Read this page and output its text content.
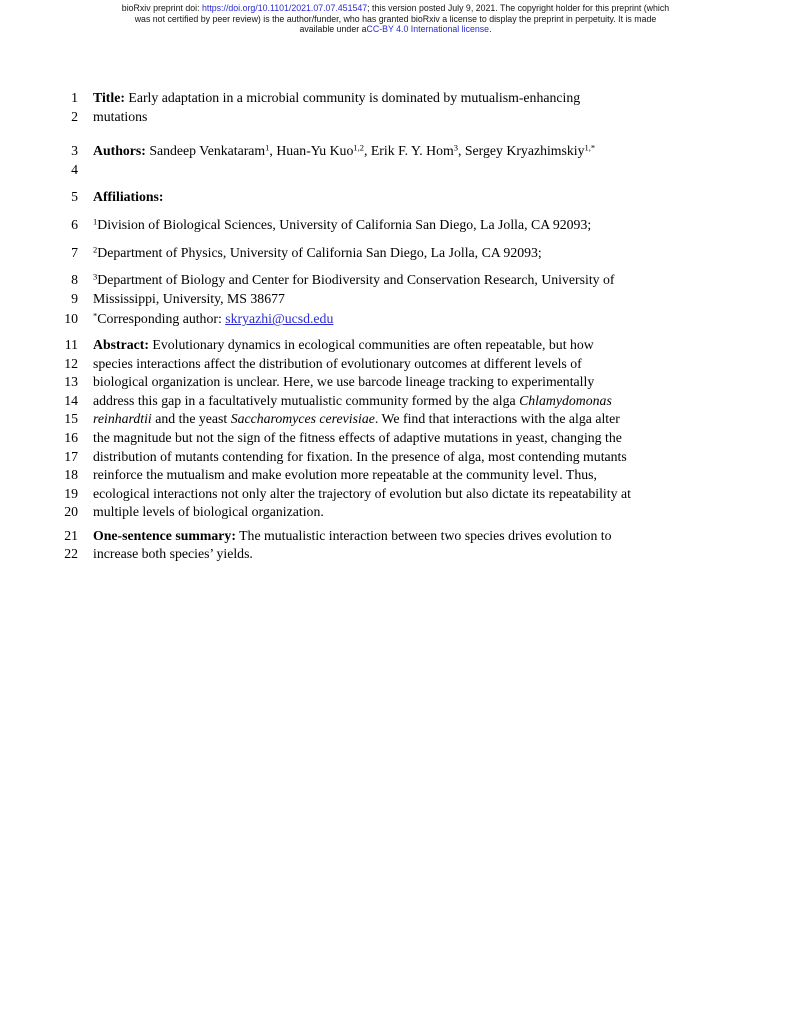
bioRxiv preprint doi: https://doi.org/10.1101/2021.07.07.451547; this version posted July 9, 2021. The copyright holder for this preprint (which
was not certified by peer review) is the author/funder, who has granted bioRxiv a license to display the preprint in perpetuity. It is made
available under aCC-BY 4.0 International license.
1 Title: Early adaptation in a microbial community is dominated by mutualism-enhancing
2 mutations
3 Authors: Sandeep Venkataram$^1$, Huan-Yu Kuo$^{1,2}$, Erik F. Y. Hom$^3$, Sergey Kryazhimskiy$^{1,*}$
4
5 Affiliations:
6 $^1$Division of Biological Sciences, University of California San Diego, La Jolla, CA 92093;
7 $^2$Department of Physics, University of California San Diego, La Jolla, CA 92093;
8 $^3$Department of Biology and Center for Biodiversity and Conservation Research, University of
9 Mississippi, University, MS 38677
10 *Corresponding author: skryazhi@ucsd.edu
11 Abstract: Evolutionary dynamics in ecological communities are often repeatable, but how
12 species interactions affect the distribution of evolutionary outcomes at different levels of
13 biological organization is unclear. Here, we use barcode lineage tracking to experimentally
14 address this gap in a facultatively mutualistic community formed by the alga Chlamydomonas
15 reinhardtii and the yeast Saccharomyces cerevisiae. We find that interactions with the alga alter
16 the magnitude but not the sign of the fitness effects of adaptive mutations in yeast, changing the
17 distribution of mutants contending for fixation. In the presence of alga, most contending mutants
18 reinforce the mutualism and make evolution more repeatable at the community level. Thus,
19 ecological interactions not only alter the trajectory of evolution but also dictate its repeatability at
20 multiple levels of biological organization.
21 One-sentence summary: The mutualistic interaction between two species drives evolution to
22 increase both species’ yields.
